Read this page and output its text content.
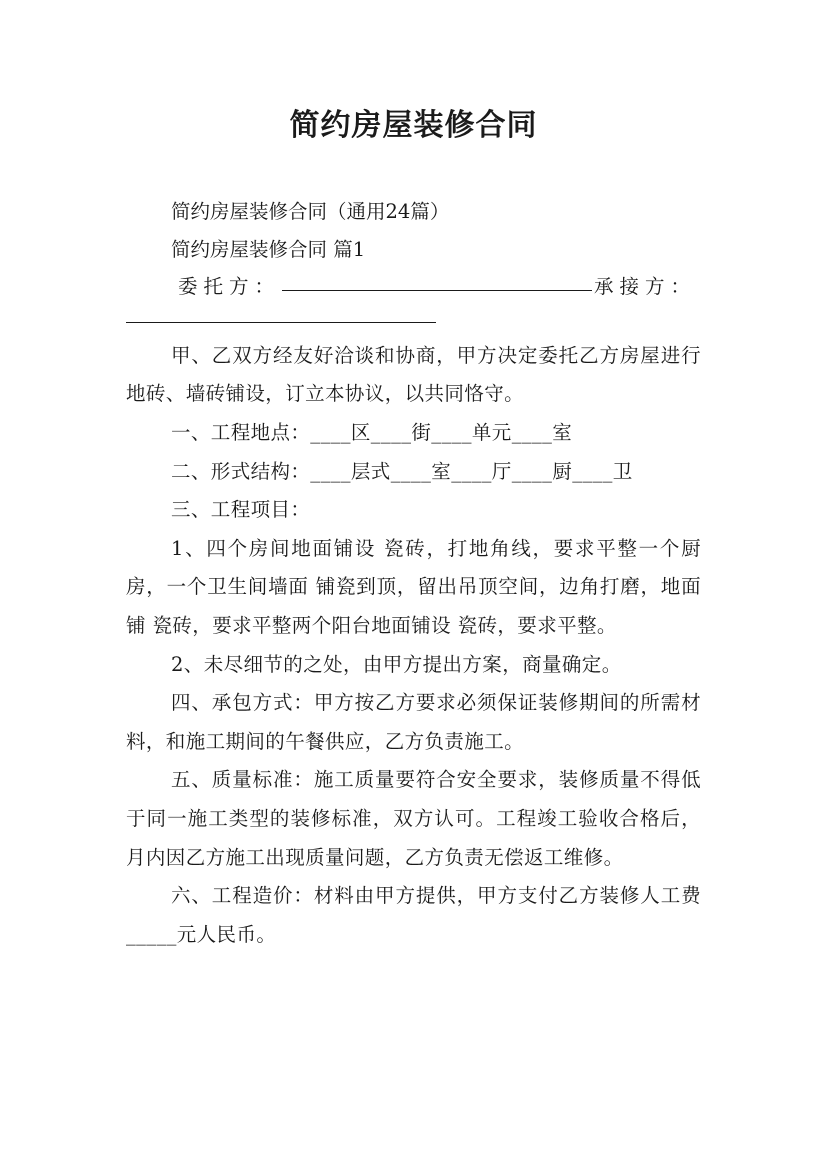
简约房屋装修合同

简约房屋装修合同（通用24篇）

简约房屋装修合同 篇1

委托方：	承接方：

甲、乙双方经友好洽谈和协商，甲方决定委托乙方房屋进行地砖、墙砖铺设，订立本协议，以共同恪守。

一、工程地点：____区____街____单元____室

二、形式结构：____层式____室____厅____厨____卫

三、工程项目：

1、四个房间地面铺设 瓷砖，打地角线，要求平整一个厨房，一个卫生间墙面 铺瓷到顶，留出吊顶空间，边角打磨，地面铺 瓷砖，要求平整两个阳台地面铺设 瓷砖，要求平整。

2、未尽细节的之处，由甲方提出方案，商量确定。

四、承包方式：甲方按乙方要求必须保证装修期间的所需材料，和施工期间的午餐供应，乙方负责施工。

五、质量标准：施工质量要符合安全要求，装修质量不得低于同一施工类型的装修标准，双方认可。工程竣工验收合格后， 月内因乙方施工出现质量问题，乙方负责无偿返工维修。

六、工程造价：材料由甲方提供，甲方支付乙方装修人工费_____元人民币。
